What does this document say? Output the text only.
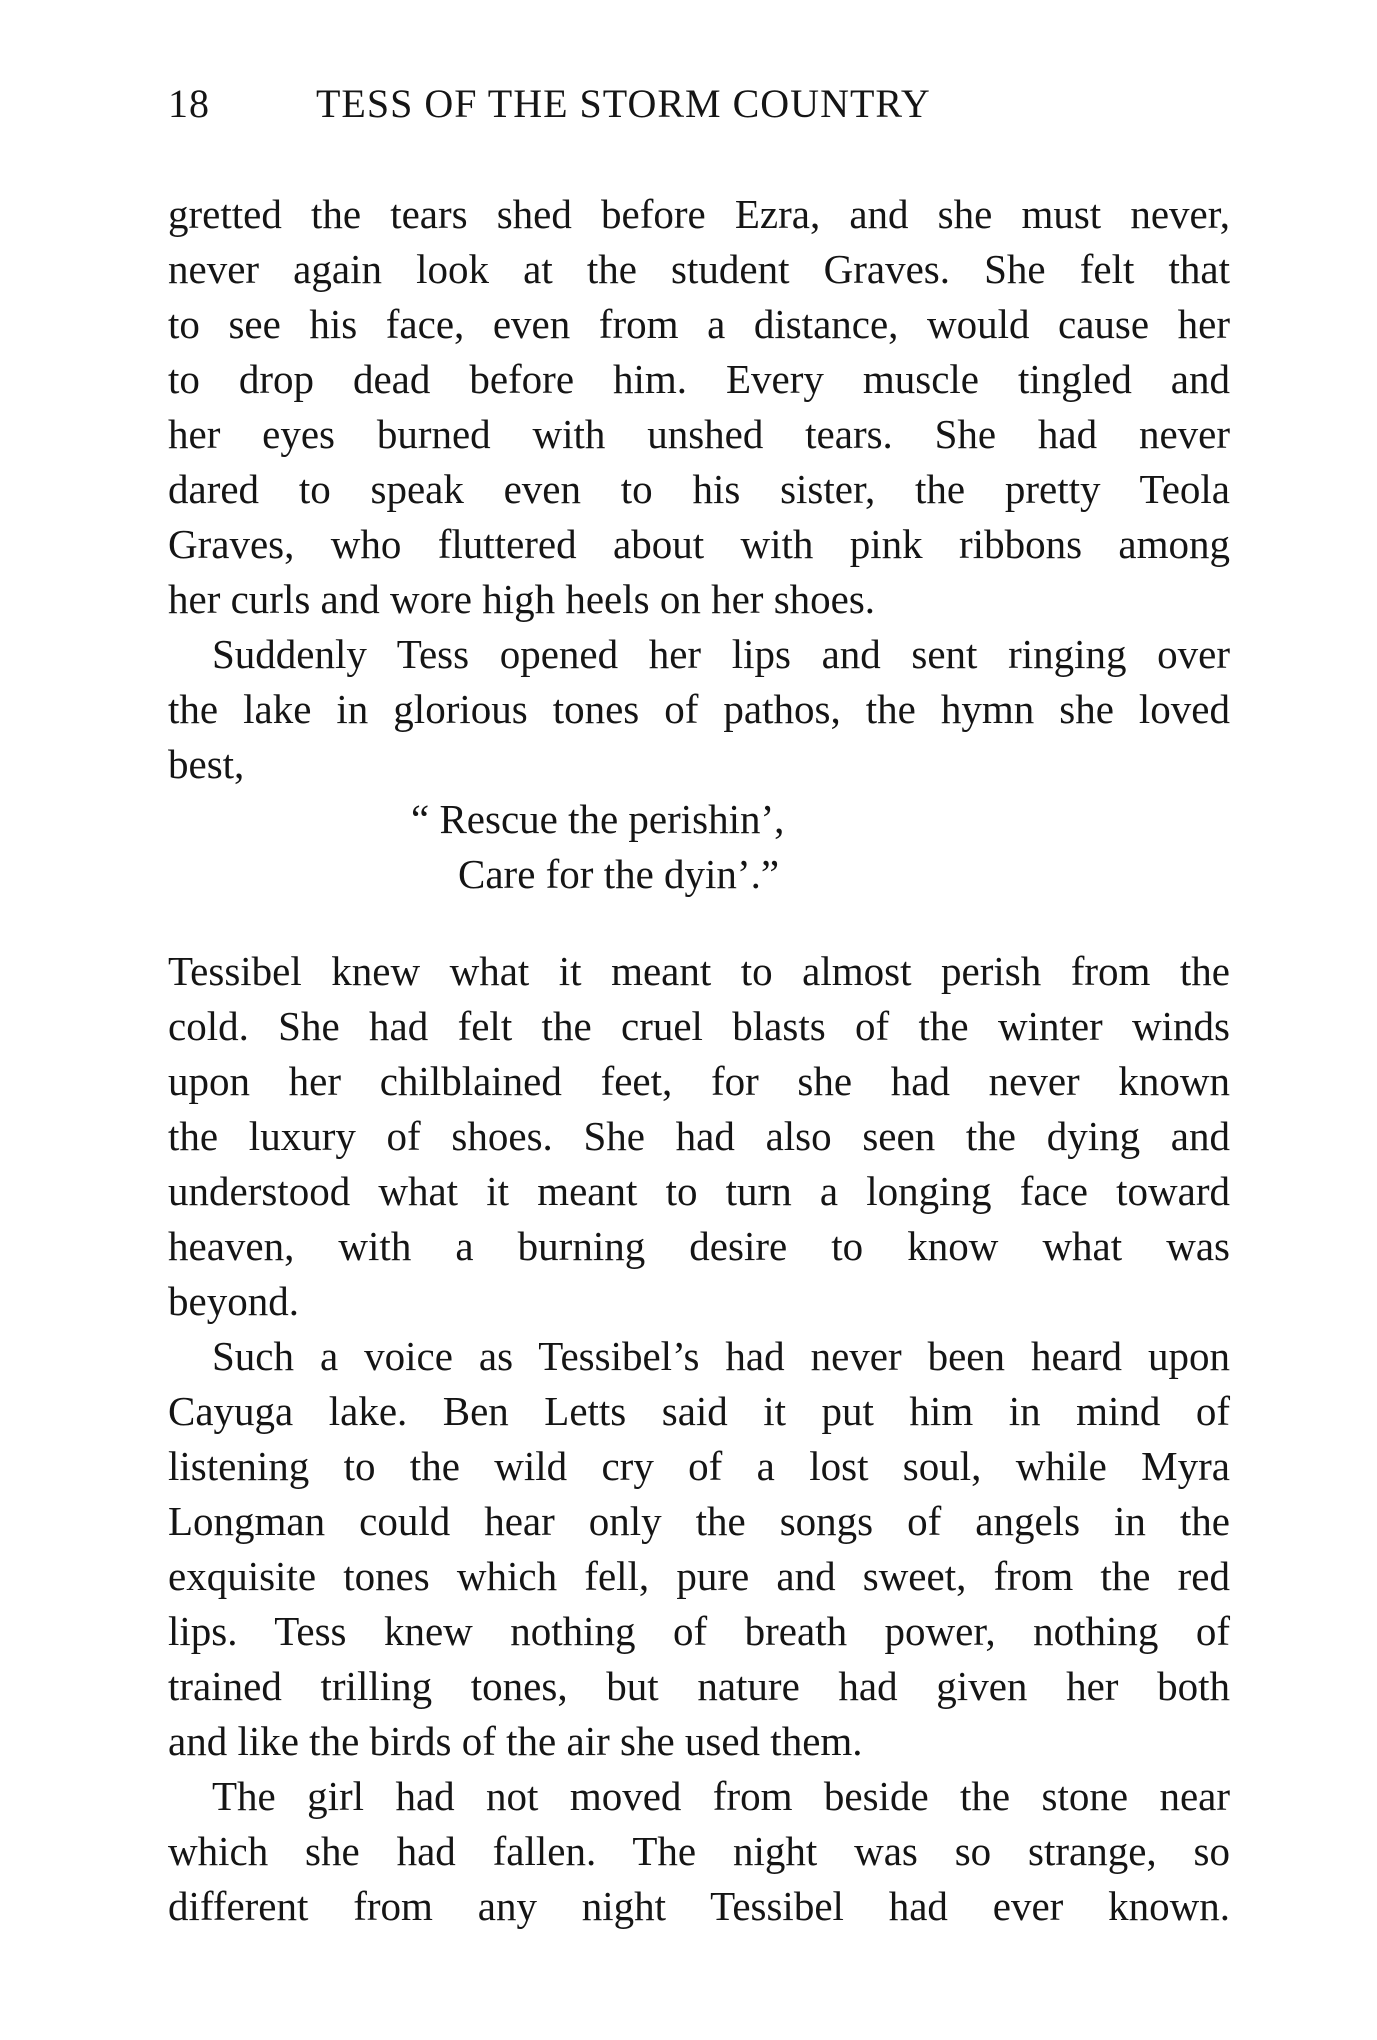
18	TESS OF THE STORM COUNTRY
gretted the tears shed before Ezra, and she must never,
never again look at the student Graves. She felt that
to see his face, even from a distance, would cause her
to drop dead before him. Every muscle tingled and
her eyes burned with unshed tears. She had never
dared to speak even to his sister, the pretty Teola
Graves, who fluttered about with pink ribbons among
her curls and wore high heels on her shoes.
Suddenly Tess opened her lips and sent ringing over
the lake in glorious tones of pathos, the hymn she loved
best,
“ Rescue the perishin’,
Care for the dyin’.”
Tessibel knew what it meant to almost perish from the
cold. She had felt the cruel blasts of the winter winds
upon her chilblained feet, for she had never known
the luxury of shoes. She had also seen the dying and
understood what it meant to turn a longing face toward
heaven, with a burning desire to know what was
beyond.
Such a voice as Tessibel’s had never been heard upon
Cayuga lake. Ben Letts said it put him in mind of
listening to the wild cry of a lost soul, while Myra
Longman could hear only the songs of angels in the
exquisite tones which fell, pure and sweet, from the red
lips. Tess knew nothing of breath power, nothing of
trained trilling tones, but nature had given her both
and like the birds of the air she used them.
The girl had not moved from beside the stone near
which she had fallen. The night was so strange, so
different from any night Tessibel had ever known.
